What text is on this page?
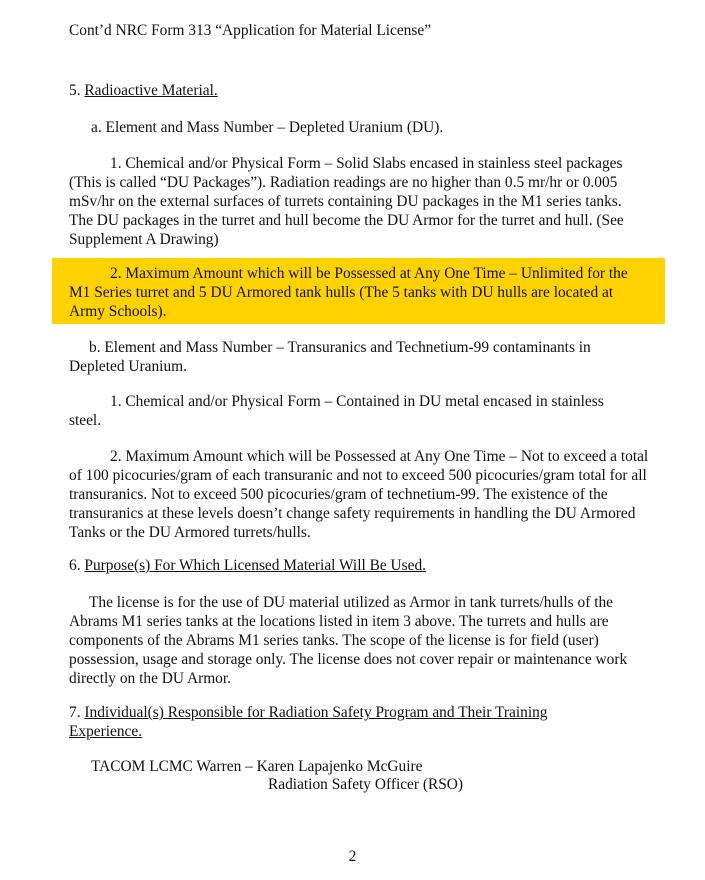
Cont’d NRC Form 313 “Application for Material License”

5. Radioactive Material.
a. Element and Mass Number – Depleted Uranium (DU).

1. Chemical and/or Physical Form – Solid Slabs encased in stainless steel packages (This is called “DU Packages”). Radiation readings are no higher than 0.5 mr/hr or 0.005 mSv/hr on the external surfaces of turrets containing DU packages in the M1 series tanks. The DU packages in the turret and hull become the DU Armor for the turret and hull. (See Supplement A Drawing)

2. Maximum Amount which will be Possessed at Any One Time – Unlimited for the M1 Series turret and 5 DU Armored tank hulls (The 5 tanks with DU hulls are located at Army Schools).

b. Element and Mass Number – Transuranics and Technetium-99 contaminants in Depleted Uranium.

1. Chemical and/or Physical Form – Contained in DU metal encased in stainless steel.

2. Maximum Amount which will be Possessed at Any One Time – Not to exceed a total of 100 picocuries/gram of each transuranic and not to exceed 500 picocuries/gram total for all transuranics. Not to exceed 500 picocuries/gram of technetium-99. The existence of the transuranics at these levels doesn’t change safety requirements in handling the DU Armored Tanks or the DU Armored turrets/hulls.

6. Purpose(s) For Which Licensed Material Will Be Used.

The license is for the use of DU material utilized as Armor in tank turrets/hulls of the Abrams M1 series tanks at the locations listed in item 3 above. The turrets and hulls are components of the Abrams M1 series tanks. The scope of the license is for field (user) possession, usage and storage only. The license does not cover repair or maintenance work directly on the DU Armor.

7. Individual(s) Responsible for Radiation Safety Program and Their Training Experience.

TACOM LCMC Warren – Karen Lapajenko McGuire

Radiation Safety Officer (RSO)

2
